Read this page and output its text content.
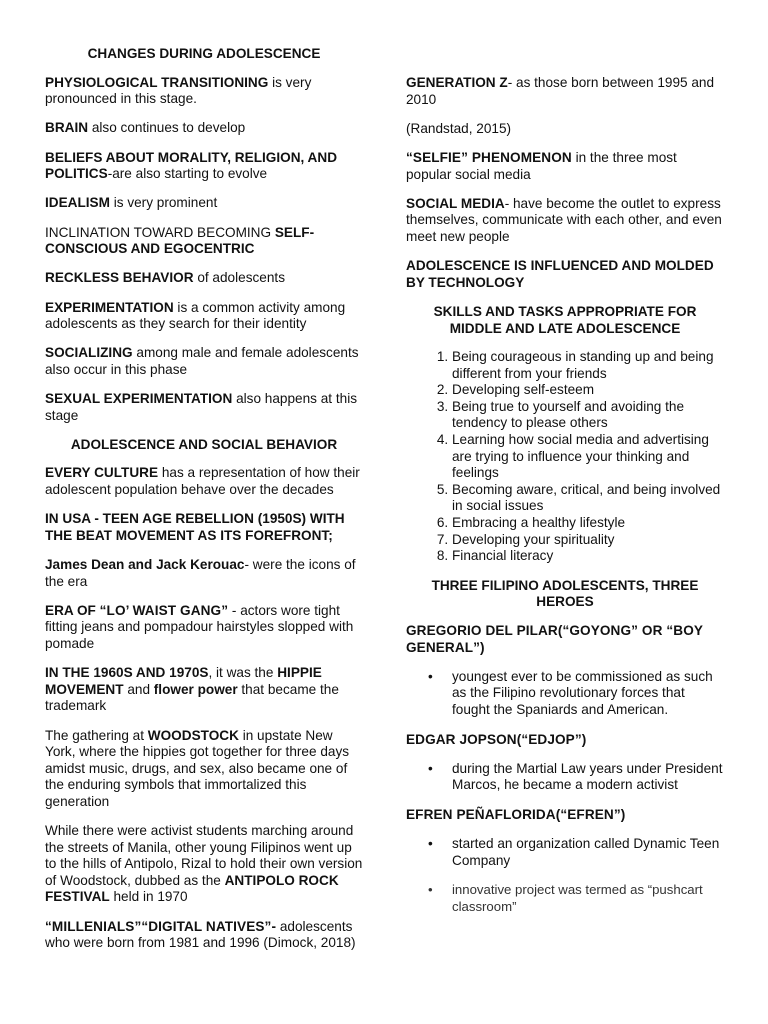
CHANGES DURING ADOLESCENCE

PHYSIOLOGICAL TRANSITIONING is very pronounced in this stage.

BRAIN also continues to develop

BELIEFS ABOUT MORALITY, RELIGION, AND POLITICS-are also starting to evolve

IDEALISM is very prominent

INCLINATION TOWARD BECOMING SELF-CONSCIOUS AND EGOCENTRIC

RECKLESS BEHAVIOR of adolescents

EXPERIMENTATION is a common activity among adolescents as they search for their identity

SOCIALIZING among male and female adolescents also occur in this phase

SEXUAL EXPERIMENTATION also happens at this stage

ADOLESCENCE AND SOCIAL BEHAVIOR

EVERY CULTURE has a representation of how their adolescent population behave over the decades

IN USA - TEEN AGE REBELLION (1950S) WITH THE BEAT MOVEMENT AS ITS FOREFRONT;

James Dean and Jack Kerouac- were the icons of the era

ERA OF “LO’ WAIST GANG” - actors wore tight fitting jeans and pompadour hairstyles slopped with pomade

IN THE 1960S AND 1970S, it was the HIPPIE MOVEMENT and flower power that became the trademark

The gathering at WOODSTOCK in upstate New York, where the hippies got together for three days amidst music, drugs, and sex, also became one of the enduring symbols that immortalized this generation

While there were activist students marching around the streets of Manila, other young Filipinos went up to the hills of Antipolo, Rizal to hold their own version of Woodstock, dubbed as the ANTIPOLO ROCK FESTIVAL held in 1970

“MILLENIALS”“DIGITAL NATIVES”- adolescents who were born from 1981 and 1996 (Dimock, 2018)

GENERATION Z- as those born between 1995 and 2010

(Randstad, 2015)

“SELFIE” PHENOMENON in the three most popular social media

SOCIAL MEDIA- have become the outlet to express themselves, communicate with each other, and even meet new people

ADOLESCENCE IS INFLUENCED AND MOLDED BY TECHNOLOGY

SKILLS AND TASKS APPROPRIATE FOR MIDDLE AND LATE ADOLESCENCE

1. Being courageous in standing up and being different from your friends
2. Developing self-esteem
3. Being true to yourself and avoiding the tendency to please others
4. Learning how social media and advertising are trying to influence your thinking and feelings
5. Becoming aware, critical, and being involved in social issues
6. Embracing a healthy lifestyle
7. Developing your spirituality
8. Financial literacy

THREE FILIPINO ADOLESCENTS, THREE HEROES

GREGORIO DEL PILAR(“GOYONG” OR “BOY GENERAL”)

• youngest ever to be commissioned as such as the Filipino revolutionary forces that fought the Spaniards and American.

EDGAR JOPSON(“EDJOP”)

• during the Martial Law years under President Marcos, he became a modern activist

EFREN PEÑAFLORIDA(“EFREN”)

• started an organization called Dynamic Teen Company
• innovative project was termed as “pushcart classroom”
